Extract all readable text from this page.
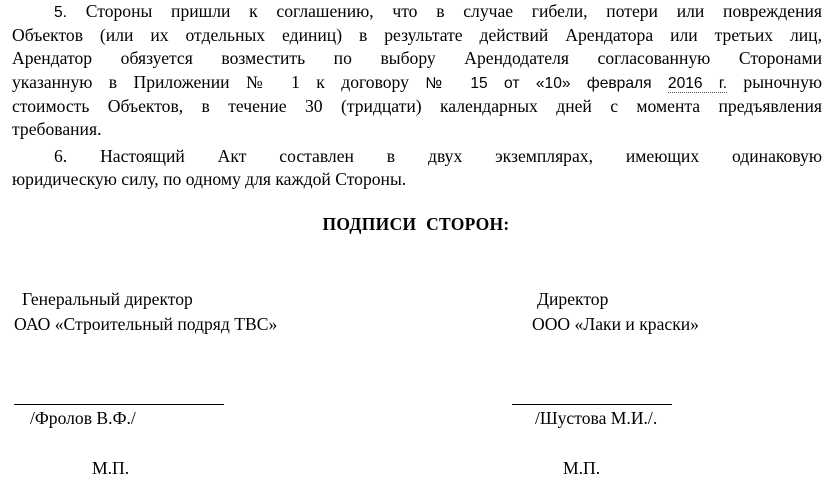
5. Стороны пришли к соглашению, что в случае гибели, потери или повреждения
Объектов (или их отдельных единиц) в результате действий Арендатора или третьих лиц,
Арендатор обязуется возместить по выбору Арендодателя согласованную Сторонами
указанную в Приложении № 1 к договору № 15 от «10» февраля 2016 г. рыночную
стоимость Объектов, в течение 30 (тридцати) календарных дней с момента предъявления
требования.
6. Настоящий Акт составлен в двух экземплярах, имеющих одинаковую
юридическую силу, по одному для каждой Стороны.

ПОДПИСИ СТОРОН:

Генеральный директор

ОАО «Строительный подряд ТВС»

/Фролов В.Ф./

М.П.

Директор

ООО «Лаки и краски»

/Шустова М.И./.

М.П.
